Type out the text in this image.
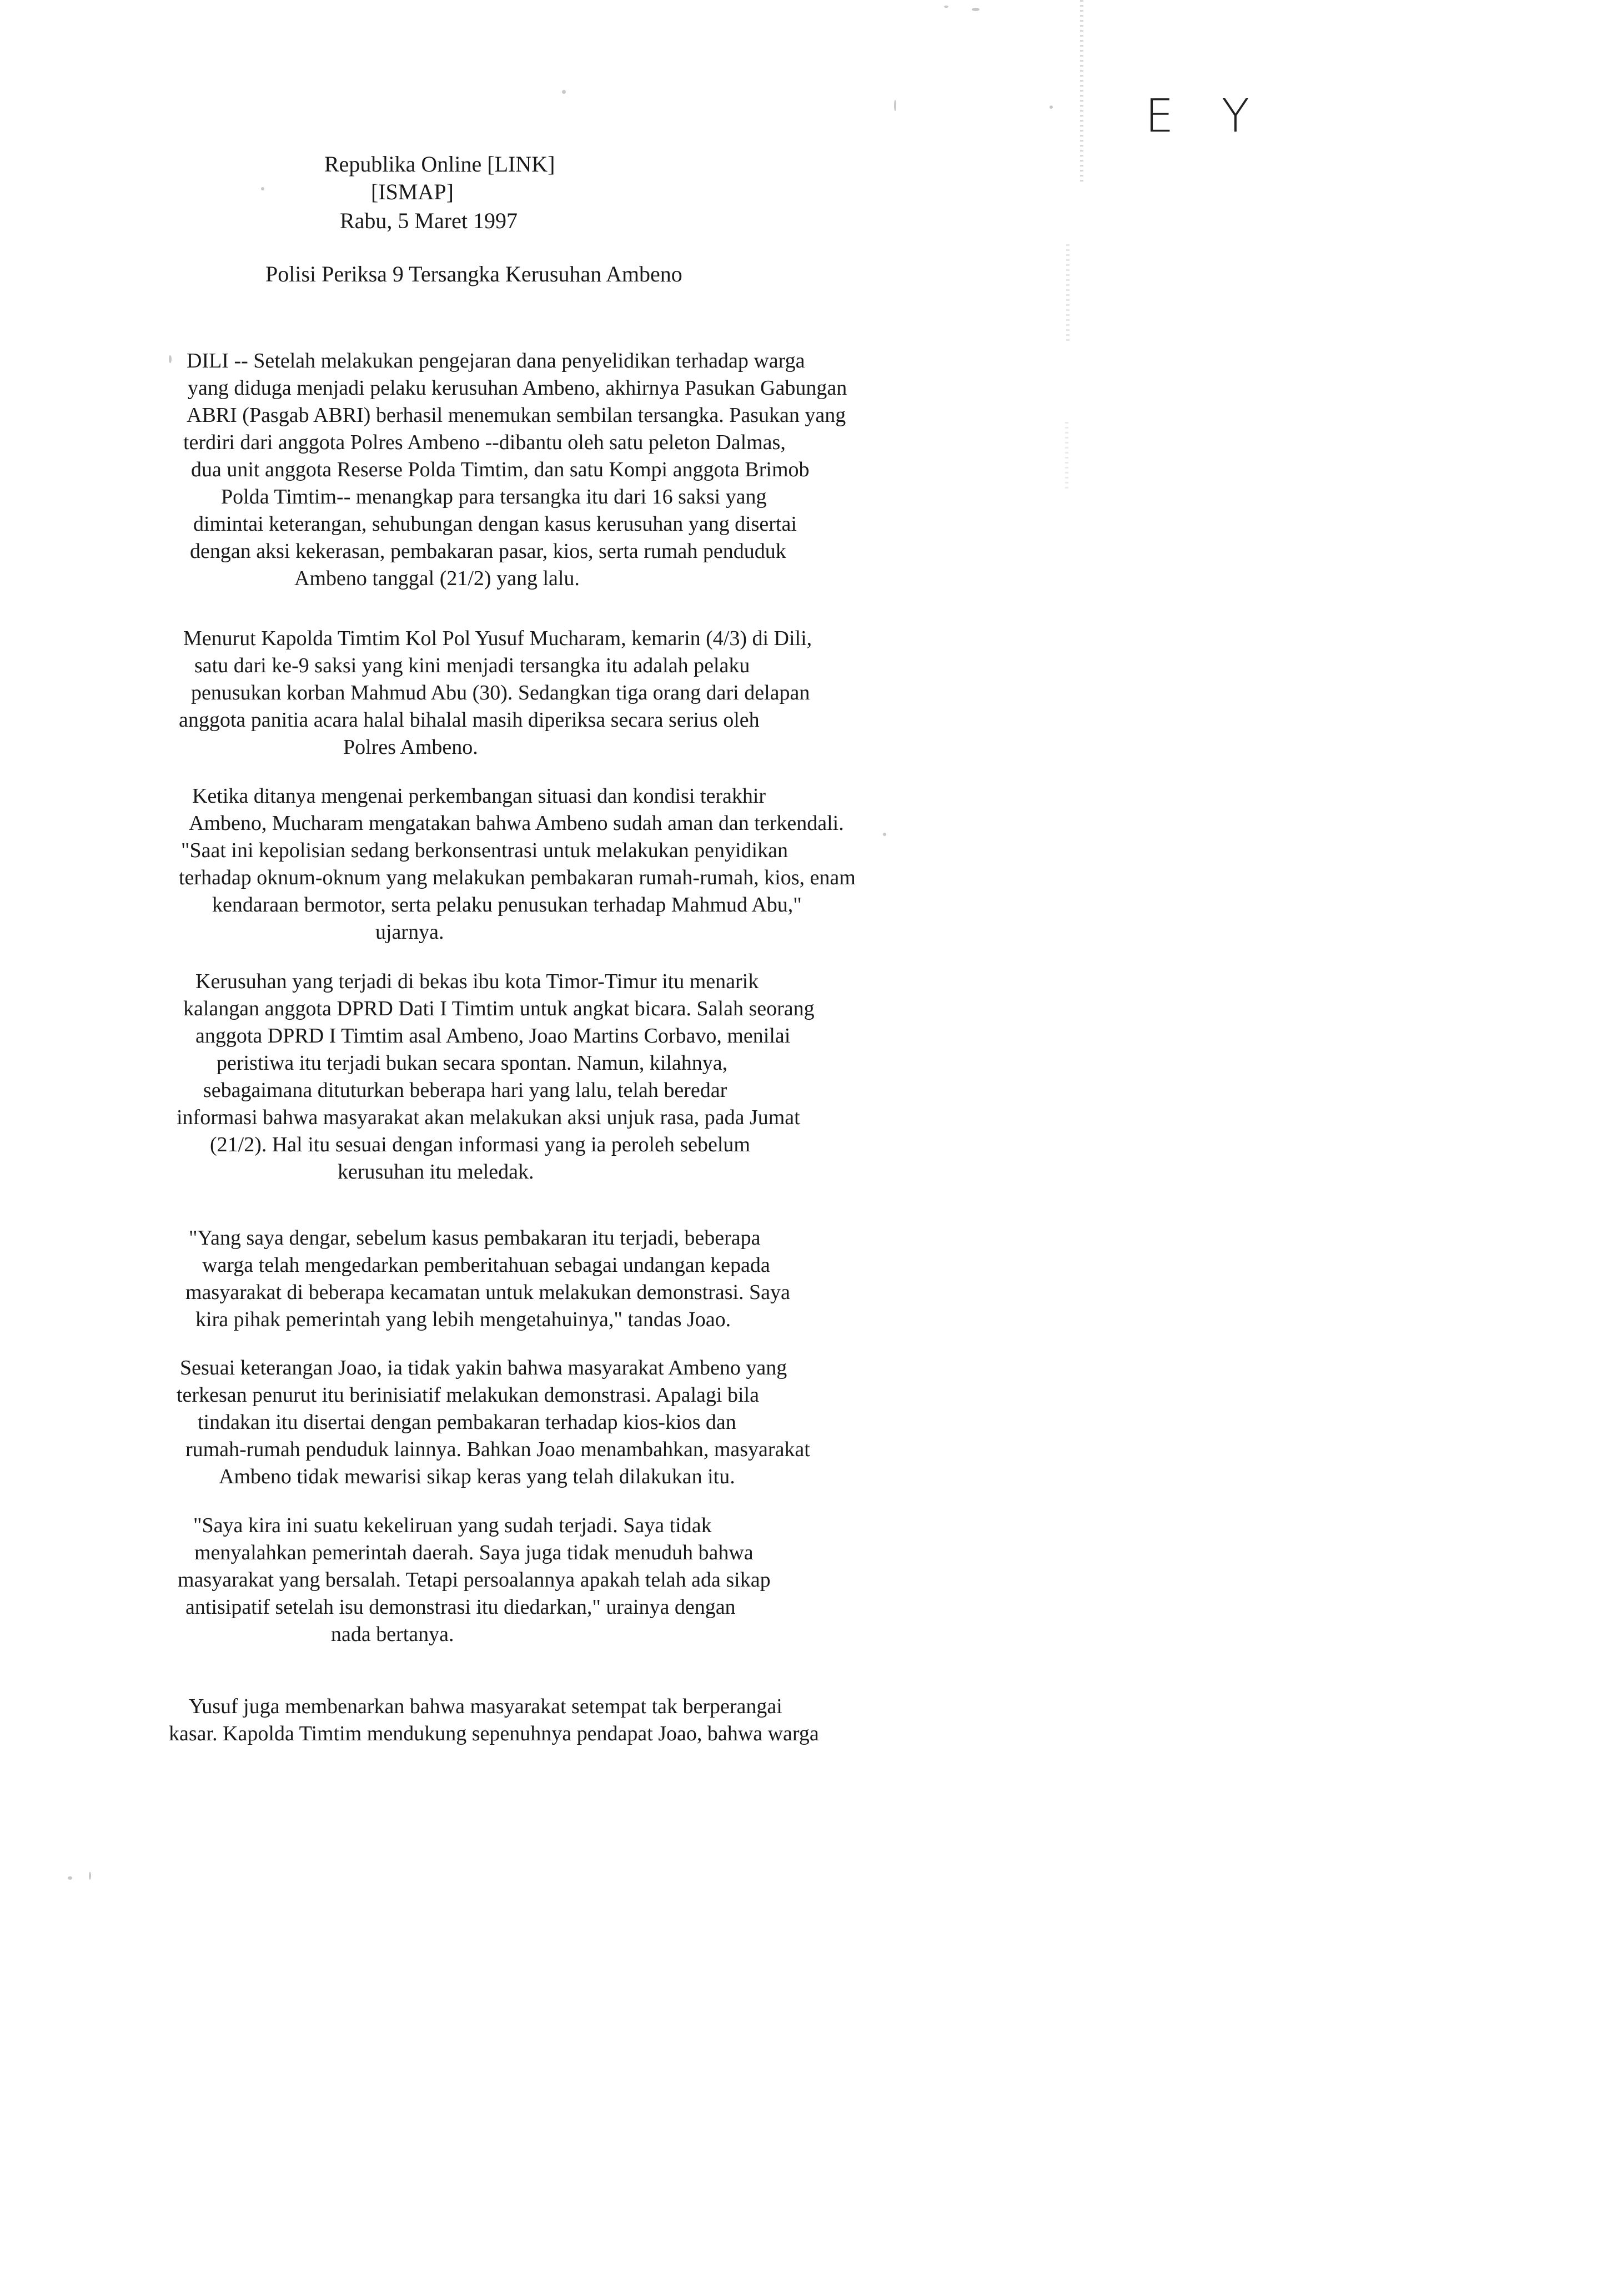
E Y
Republika Online [LINK]
[ISMAP]
Rabu, 5 Maret 1997
Polisi Periksa 9 Tersangka Kerusuhan Ambeno
DILI -- Setelah melakukan pengejaran dana penyelidikan terhadap warga
yang diduga menjadi pelaku kerusuhan Ambeno, akhirnya Pasukan Gabungan
ABRI (Pasgab ABRI) berhasil menemukan sembilan tersangka. Pasukan yang
terdiri dari anggota Polres Ambeno --dibantu oleh satu peleton Dalmas,
dua unit anggota Reserse Polda Timtim, dan satu Kompi anggota Brimob
Polda Timtim-- menangkap para tersangka itu dari 16 saksi yang
dimintai keterangan, sehubungan dengan kasus kerusuhan yang disertai
dengan aksi kekerasan, pembakaran pasar, kios, serta rumah penduduk
Ambeno tanggal (21/2) yang lalu.
Menurut Kapolda Timtim Kol Pol Yusuf Mucharam, kemarin (4/3) di Dili,
satu dari ke-9 saksi yang kini menjadi tersangka itu adalah pelaku
penusukan korban Mahmud Abu (30). Sedangkan tiga orang dari delapan
anggota panitia acara halal bihalal masih diperiksa secara serius oleh
Polres Ambeno.
Ketika ditanya mengenai perkembangan situasi dan kondisi terakhir
Ambeno, Mucharam mengatakan bahwa Ambeno sudah aman dan terkendali.
"Saat ini kepolisian sedang berkonsentrasi untuk melakukan penyidikan
terhadap oknum-oknum yang melakukan pembakaran rumah-rumah, kios, enam
kendaraan bermotor, serta pelaku penusukan terhadap Mahmud Abu,"
ujarnya.
Kerusuhan yang terjadi di bekas ibu kota Timor-Timur itu menarik
kalangan anggota DPRD Dati I Timtim untuk angkat bicara. Salah seorang
anggota DPRD I Timtim asal Ambeno, Joao Martins Corbavo, menilai
peristiwa itu terjadi bukan secara spontan. Namun, kilahnya,
sebagaimana dituturkan beberapa hari yang lalu, telah beredar
informasi bahwa masyarakat akan melakukan aksi unjuk rasa, pada Jumat
(21/2). Hal itu sesuai dengan informasi yang ia peroleh sebelum
kerusuhan itu meledak.
"Yang saya dengar, sebelum kasus pembakaran itu terjadi, beberapa
warga telah mengedarkan pemberitahuan sebagai undangan kepada
masyarakat di beberapa kecamatan untuk melakukan demonstrasi. Saya
kira pihak pemerintah yang lebih mengetahuinya," tandas Joao.
Sesuai keterangan Joao, ia tidak yakin bahwa masyarakat Ambeno yang
terkesan penurut itu berinisiatif melakukan demonstrasi. Apalagi bila
tindakan itu disertai dengan pembakaran terhadap kios-kios dan
rumah-rumah penduduk lainnya. Bahkan Joao menambahkan, masyarakat
Ambeno tidak mewarisi sikap keras yang telah dilakukan itu.
"Saya kira ini suatu kekeliruan yang sudah terjadi. Saya tidak
menyalahkan pemerintah daerah. Saya juga tidak menuduh bahwa
masyarakat yang bersalah. Tetapi persoalannya apakah telah ada sikap
antisipatif setelah isu demonstrasi itu diedarkan," urainya dengan
nada bertanya.
Yusuf juga membenarkan bahwa masyarakat setempat tak berperangai
kasar. Kapolda Timtim mendukung sepenuhnya pendapat Joao, bahwa warga
